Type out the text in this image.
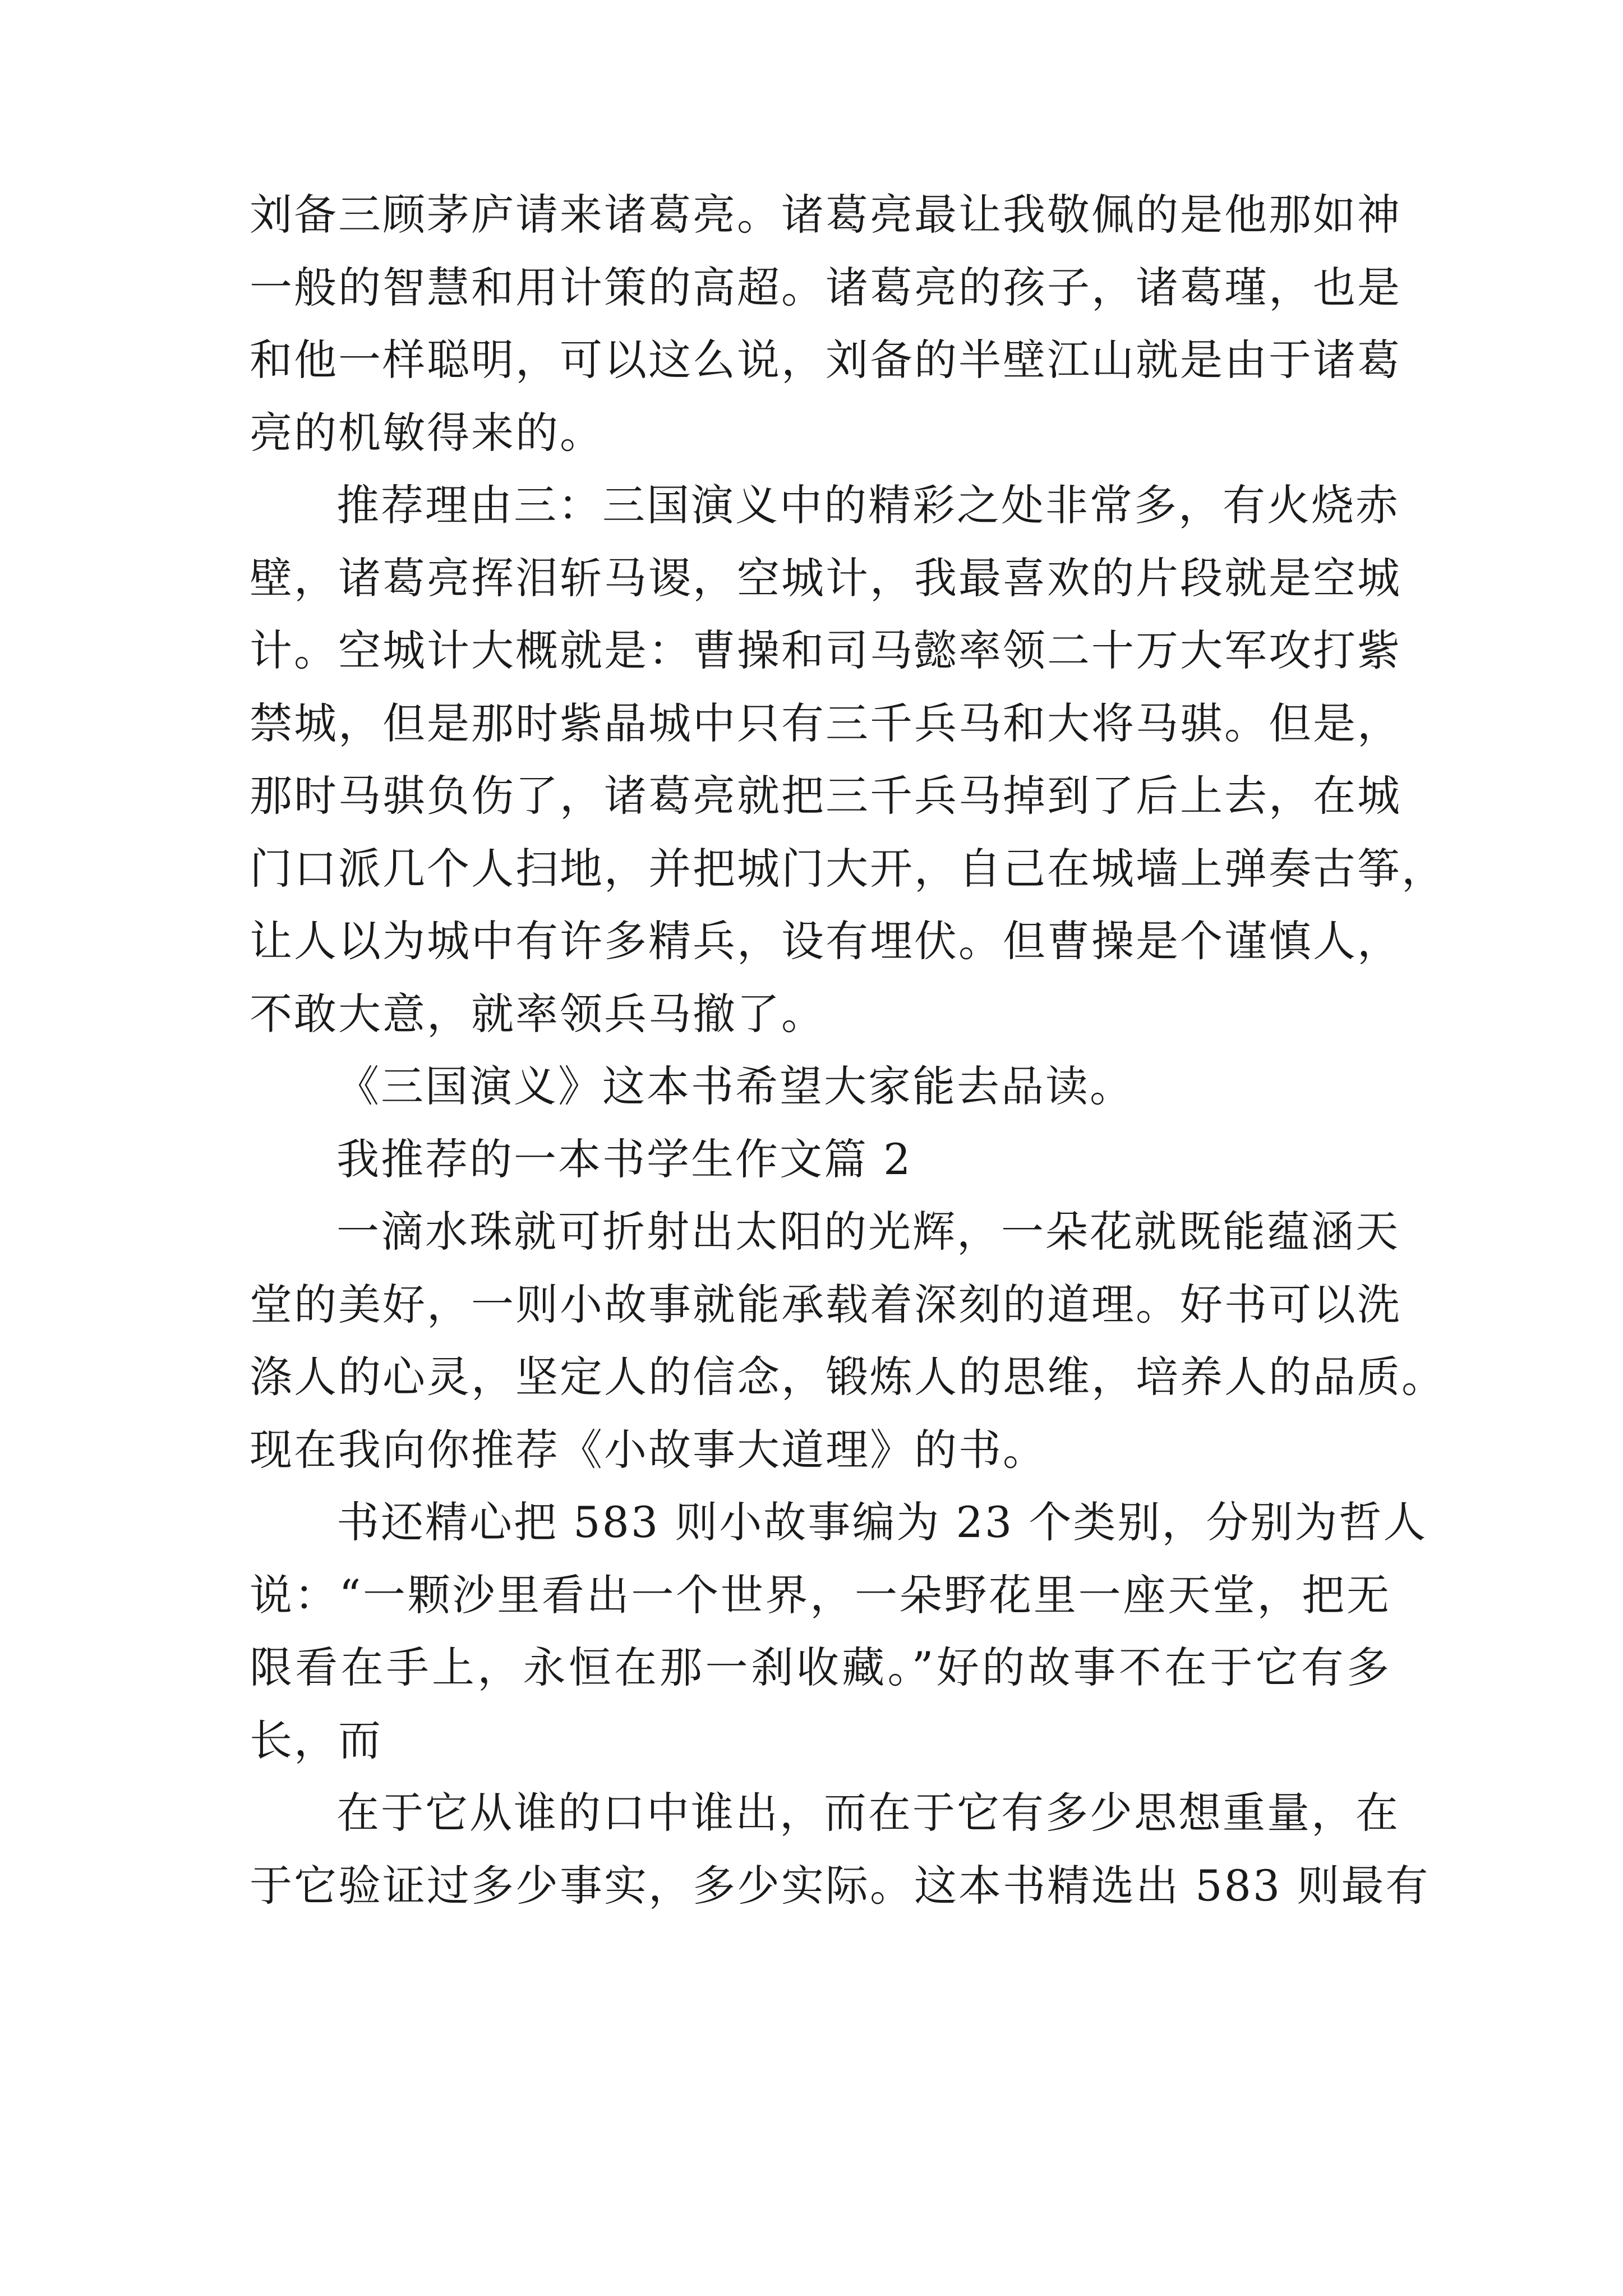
刘备三顾茅庐请来诸葛亮。诸葛亮最让我敬佩的是他那如神
一般的智慧和用计策的高超。诸葛亮的孩子，诸葛瑾，也是
和他一样聪明，可以这么说，刘备的半壁江山就是由于诸葛
亮的机敏得来的。
推荐理由三：三国演义中的精彩之处非常多，有火烧赤
壁，诸葛亮挥泪斩马谡，空城计，我最喜欢的片段就是空城
计。空城计大概就是：曹操和司马懿率领二十万大军攻打紫
禁城，但是那时紫晶城中只有三千兵马和大将马骐。但是，
那时马骐负伤了，诸葛亮就把三千兵马掉到了后上去，在城
门口派几个人扫地，并把城门大开，自己在城墙上弹奏古筝，
让人以为城中有许多精兵，设有埋伏。但曹操是个谨慎人，
不敢大意，就率领兵马撤了。
《三国演义》这本书希望大家能去品读。
我推荐的一本书学生作文篇 2
一滴水珠就可折射出太阳的光辉，一朵花就既能蕴涵天
堂的美好，一则小故事就能承载着深刻的道理。好书可以洗
涤人的心灵，坚定人的信念，锻炼人的思维，培养人的品质。
现在我向你推荐《小故事大道理》的书。
书还精心把 583 则小故事编为 23 个类别，分别为哲人
说：“一颗沙里看出一个世界，一朵野花里一座天堂，把无
限看在手上，永恒在那一刹收藏。”好的故事不在于它有多
长，而
在于它从谁的口中谁出，而在于它有多少思想重量，在
于它验证过多少事实，多少实际。这本书精选出 583 则最有
